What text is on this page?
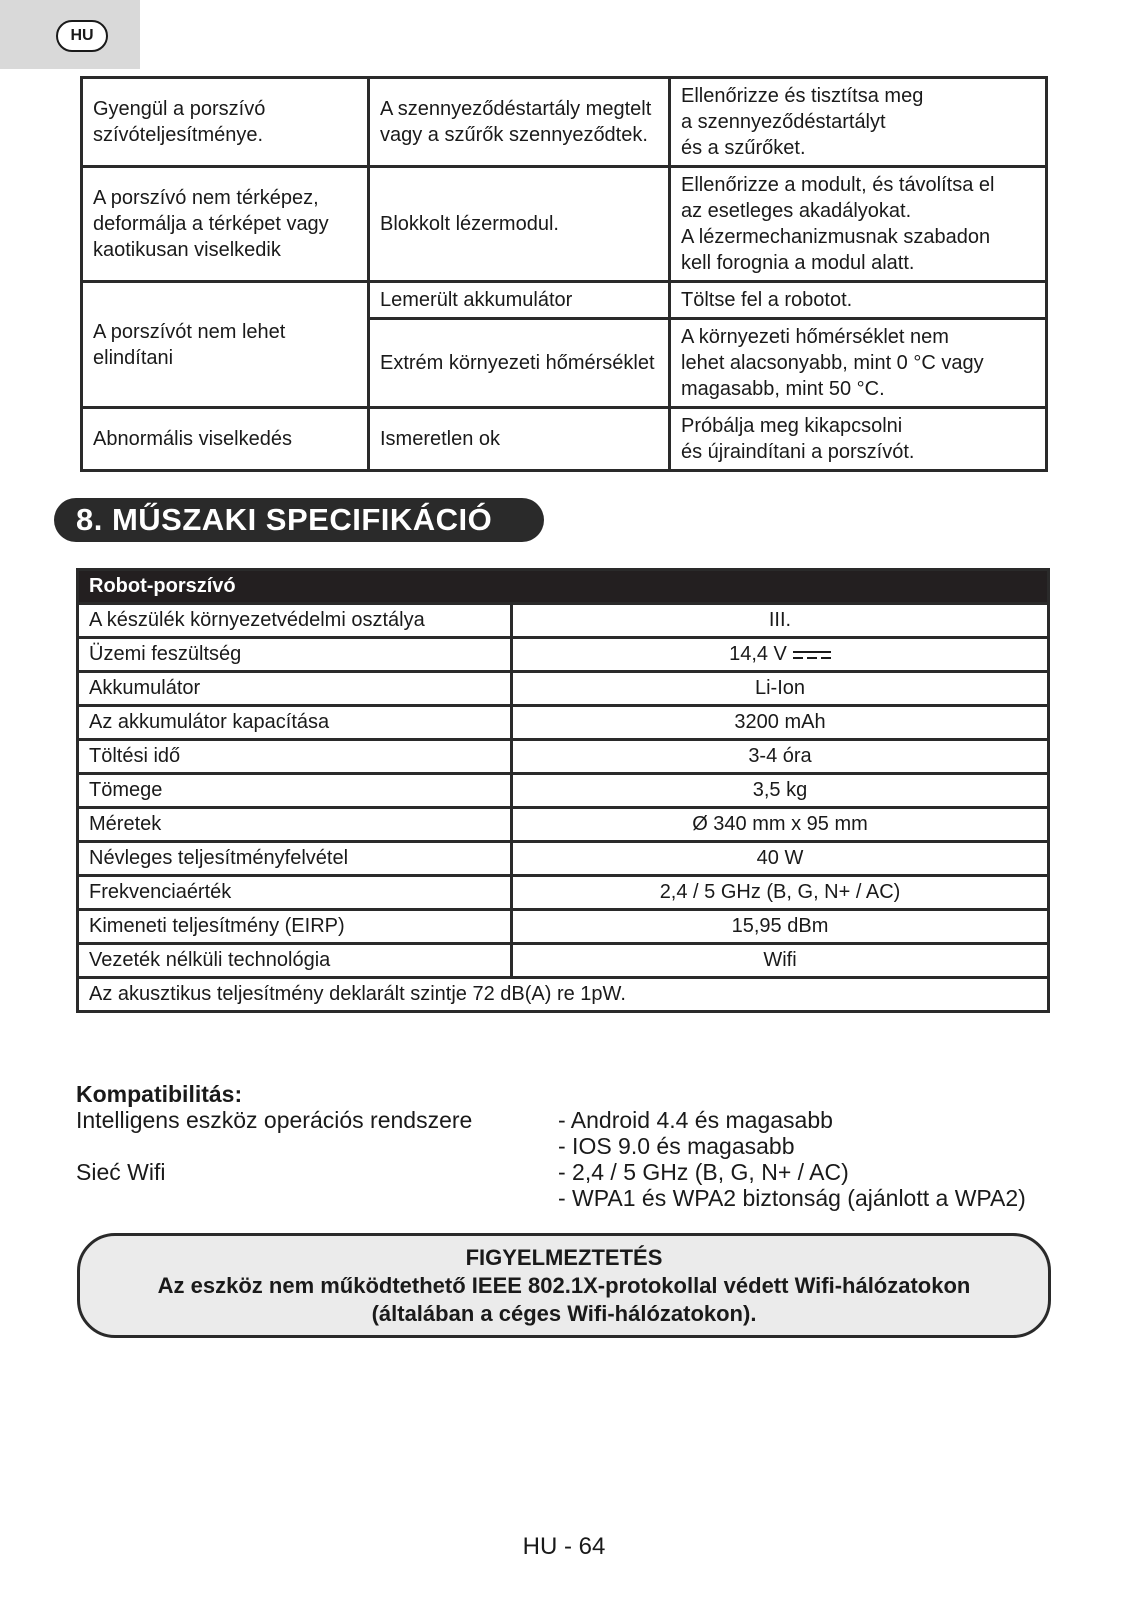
HU
Gyengül a porszívó szívóteljesítménye.	A szennyeződéstartály megtelt vagy a szűrők szennyeződtek.	Ellenőrizze és tisztítsa meg
a szennyeződéstartályt
és a szűrőket.

A porszívó nem térképez, deformálja a térképet vagy kaotikusan viselkedik	Blokkolt lézermodul.	Ellenőrizze a modult, és távolítsa el
az esetleges akadályokat.
A lézermechanizmusnak szabadon
kell forognia a modul alatt.

A porszívót nem lehet elindítani	Lemerült akkumulátor	Töltse fel a robotot.

	Extrém környezeti hőmérséklet	A környezeti hőmérséklet nem
lehet alacsonyabb, mint 0 °C vagy
magasabb, mint 50 °C.

Abnormális viselkedés	Ismeretlen ok	Próbálja meg kikapcsolni
és újraindítani a porszívót.
8. MŰSZAKI SPECIFIKÁCIÓ
Robot-porszívó	
A készülék környezetvédelmi osztálya	III.
Üzemi feszültség	14,4 V

Akkumulátor	Li-Ion
Az akkumulátor kapacítása	3200 mAh
Töltési idő	3-4 óra
Tömege	3,5 kg
Méretek	Ø 340 mm x 95 mm
Névleges teljesítményfelvétel	40 W
Frekvenciaérték	2,4 / 5 GHz (B, G, N+ / AC)
Kimeneti teljesítmény (EIRP)	15,95 dBm
Vezeték nélküli technológia	Wifi
Az akusztikus teljesítmény deklarált szintje 72 dB(A) re 1pW.	
Kompatibilitás:
Intelligens eszköz operációs rendszere	- Android 4.4 és magasabb
- IOS 9.0 és magasabb
Sieć Wifi	- 2,4 / 5 GHz (B, G, N+ / AC)
- WPA1 és WPA2 biztonság (ajánlott a WPA2)
FIGYELMEZTETÉS
Az eszköz nem működtethető IEEE 802.1X-protokollal védett Wifi-hálózatokon
(általában a céges Wifi-hálózatokon).
HU - 64
